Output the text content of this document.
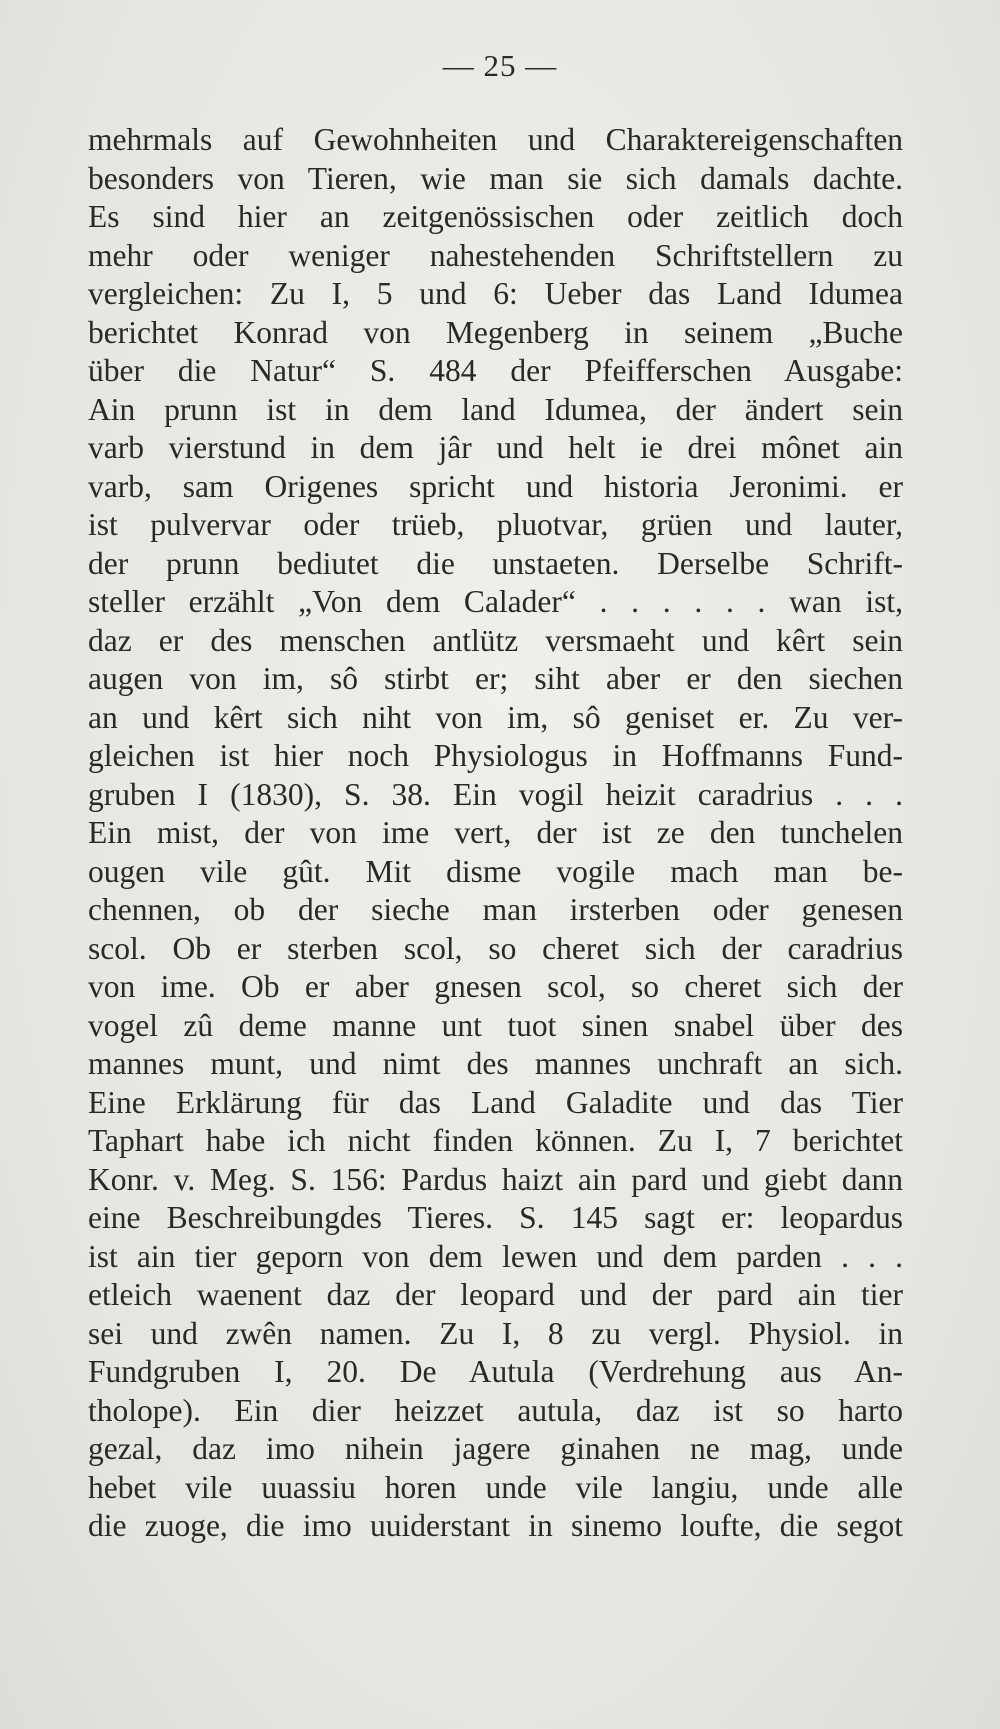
— 25 —
mehrmals auf Gewohnheiten und Charaktereigenschaften
besonders von Tieren, wie man sie sich damals dachte.
Es sind hier an zeitgenössischen oder zeitlich doch
mehr oder weniger nahestehenden Schriftstellern zu
vergleichen: Zu I, 5 und 6: Ueber das Land Idumea
berichtet Konrad von Megenberg in seinem „Buche
über die Natur“ S. 484 der Pfeifferschen Ausgabe:
Ain prunn ist in dem land Idumea, der ändert sein
varb vierstund in dem jâr und helt ie drei mônet ain
varb, sam Origenes spricht und historia Jeronimi. er
ist pulvervar oder trüeb, pluotvar, grüen und lauter,
der prunn bediutet die unstaeten. Derselbe Schrift-
steller erzählt „Von dem Calader“ . . . . . . wan ist,
daz er des menschen antlütz versmaeht und kêrt sein
augen von im, sô stirbt er; siht aber er den siechen
an und kêrt sich niht von im, sô geniset er. Zu ver-
gleichen ist hier noch Physiologus in Hoffmanns Fund-
gruben I (1830), S. 38. Ein vogil heizit caradrius . . .
Ein mist, der von ime vert, der ist ze den tunchelen
ougen vile gût. Mit disme vogile mach man be-
chennen, ob der sieche man irsterben oder genesen
scol. Ob er sterben scol, so cheret sich der caradrius
von ime. Ob er aber gnesen scol, so cheret sich der
vogel zû deme manne unt tuot sinen snabel über des
mannes munt, und nimt des mannes unchraft an sich.
Eine Erklärung für das Land Galadite und das Tier
Taphart habe ich nicht finden können. Zu I, 7 berichtet
Konr. v. Meg. S. 156: Pardus haizt ain pard und giebt dann
eine Beschreibungdes Tieres. S. 145 sagt er: leopardus
ist ain tier geporn von dem lewen und dem parden . . .
etleich waenent daz der leopard und der pard ain tier
sei und zwên namen. Zu I, 8 zu vergl. Physiol. in
Fundgruben I, 20. De Autula (Verdrehung aus An-
tholope). Ein dier heizzet autula, daz ist so harto
gezal, daz imo nihein jagere ginahen ne mag, unde
hebet vile uuassiu horen unde vile langiu, unde alle
die zuoge, die imo uuiderstant in sinemo loufte, die segot
